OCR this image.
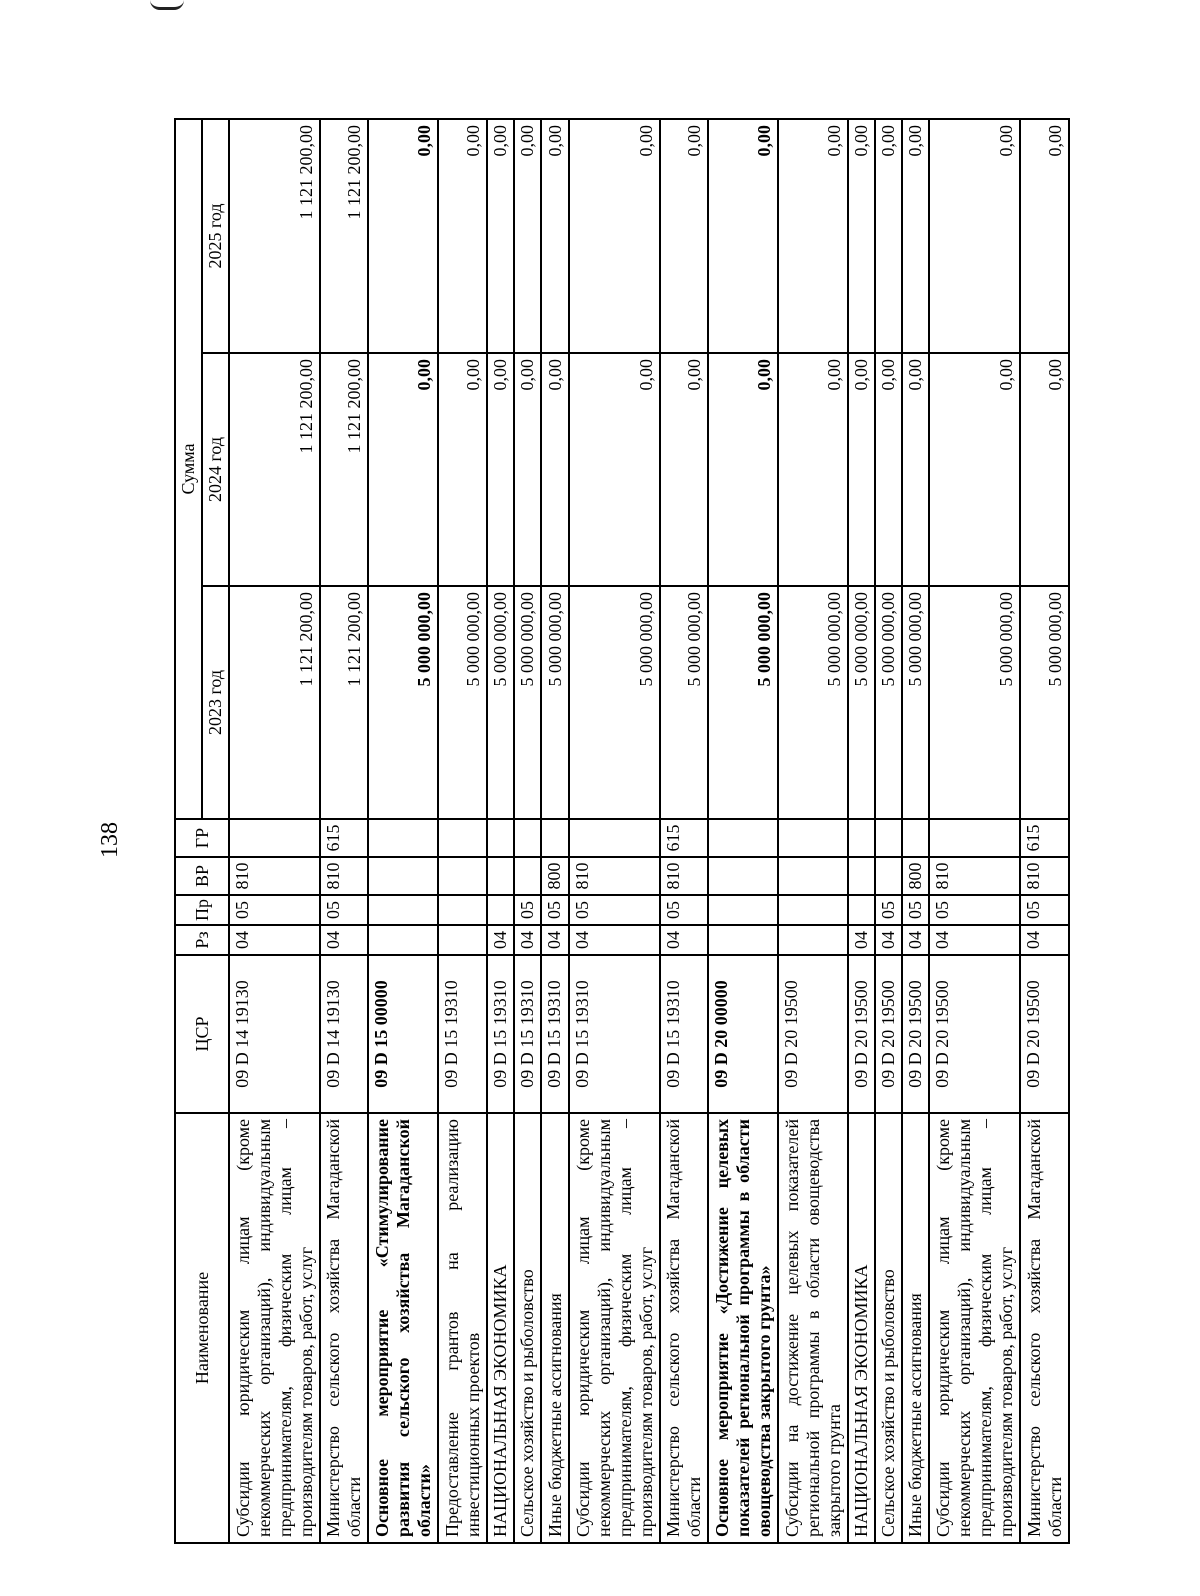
138
Наименование	ЦСР	Рз	Пр	ВР	ГР	Сумма		
						2023 год	2024 год	2025 год
Субсидии юридическим лицам (кроме некоммерческих организаций), индивидуальным предпринимателям, физическим лицам – производителям товаров, работ, услуг	09 D 14 19130	04	05	810		1 121 200,00	1 121 200,00	1 121 200,00
Министерство сельского хозяйства Магаданской области	09 D 14 19130	04	05	810	615	1 121 200,00	1 121 200,00	1 121 200,00
Основное мероприятие «Стимулирование развития сельского хозяйства Магаданской области»	09 D 15 00000					5 000 000,00	0,00	0,00
Предоставление грантов на реализацию инвестиционных проектов	09 D 15 19310					5 000 000,00	0,00	0,00
НАЦИОНАЛЬНАЯ ЭКОНОМИКА	09 D 15 19310	04				5 000 000,00	0,00	0,00
Сельское хозяйство и рыболовство	09 D 15 19310	04	05			5 000 000,00	0,00	0,00
Иные бюджетные ассигнования	09 D 15 19310	04	05	800		5 000 000,00	0,00	0,00
Субсидии юридическим лицам (кроме некоммерческих организаций), индивидуальным предпринимателям, физическим лицам – производителям товаров, работ, услуг	09 D 15 19310	04	05	810		5 000 000,00	0,00	0,00
Министерство сельского хозяйства Магаданской области	09 D 15 19310	04	05	810	615	5 000 000,00	0,00	0,00
Основное мероприятие «Достижение целевых показателей региональной программы в области овощеводства закрытого грунта»	09 D 20 00000					5 000 000,00	0,00	0,00
Субсидии на достижение целевых показателей региональной программы в области овощеводства закрытого грунта	09 D 20 19500					5 000 000,00	0,00	0,00
НАЦИОНАЛЬНАЯ ЭКОНОМИКА	09 D 20 19500	04				5 000 000,00	0,00	0,00
Сельское хозяйство и рыболовство	09 D 20 19500	04	05			5 000 000,00	0,00	0,00
Иные бюджетные ассигнования	09 D 20 19500	04	05	800		5 000 000,00	0,00	0,00
Субсидии юридическим лицам (кроме некоммерческих организаций), индивидуальным предпринимателям, физическим лицам – производителям товаров, работ, услуг	09 D 20 19500	04	05	810		5 000 000,00	0,00	0,00
Министерство сельского хозяйства Магаданской области	09 D 20 19500	04	05	810	615	5 000 000,00	0,00	0,00
